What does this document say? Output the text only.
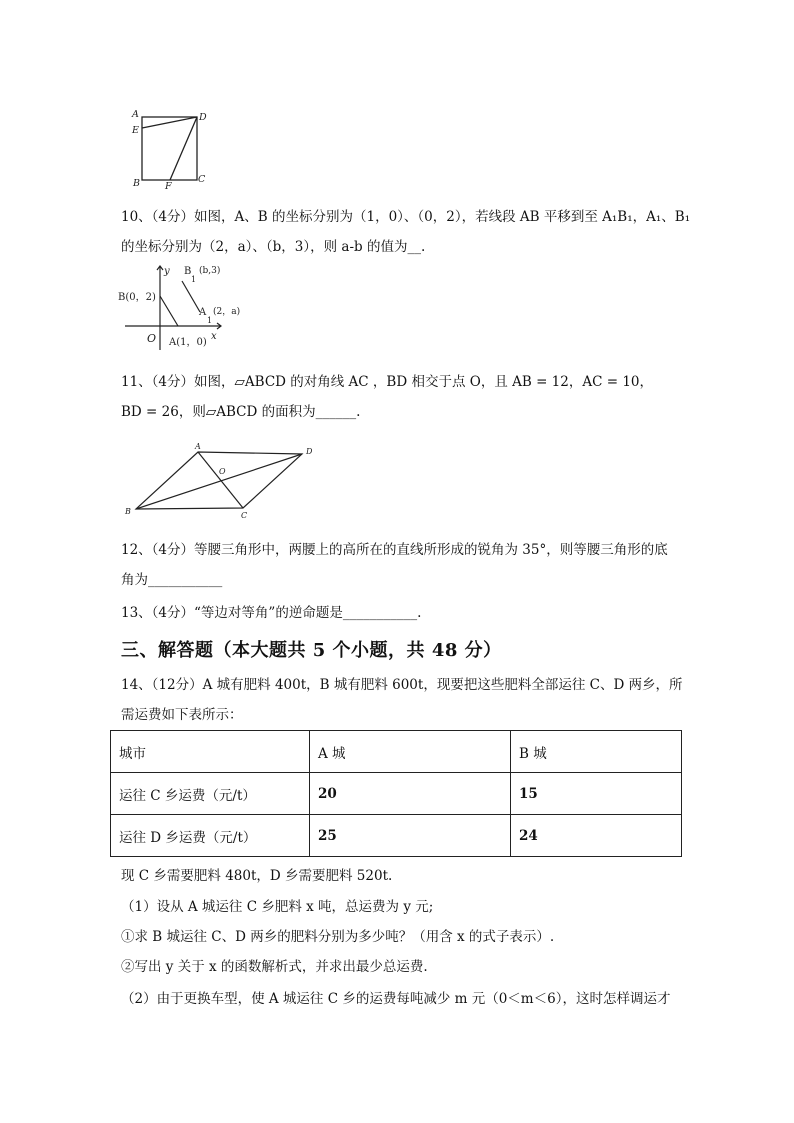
A
E
D
B	F
C
10、（4分）如图，A、B 的坐标分别为（1，0）、（0，2），若线段 AB 平移到至 A₁B₁，A₁、B₁
的坐标分别为（2，a）、（b，3），则 a-b 的值为__.
y
x
O
B
1
(b,3)
B(0，2)
A
1
(2，a)
A(1，0)
11、（4分）如图，▱ABCD 的对角线 AC ，BD 相交于点 O，且 AB = 12，AC = 10，
BD = 26，则▱ABCD 的面积为______.
A
D
O
B	C
12、（4分）等腰三角形中，两腰上的高所在的直线所形成的锐角为 35°，则等腰三角形的底
角为___________
13、（4分）“等边对等角”的逆命题是___________.
三、解答题（本大题共 5 个小题，共 48 分）
14、（12分）A 城有肥料 400t，B 城有肥料 600t，现要把这些肥料全部运往 C、D 两乡，所
需运费如下表所示：
城市	A 城	B 城
运往 C 乡运费（元/t）	20	15
运往 D 乡运费（元/t）	25	24
现 C 乡需要肥料 480t，D 乡需要肥料 520t.
（1）设从 A 城运往 C 乡肥料 x 吨，总运费为 y 元;
①求 B 城运往 C、D 两乡的肥料分别为多少吨？（用含 x 的式子表示）.
②写出 y 关于 x 的函数解析式，并求出最少总运费.
（2）由于更换车型，使 A 城运往 C 乡的运费每吨减少 m 元（0＜m＜6），这时怎样调运才
